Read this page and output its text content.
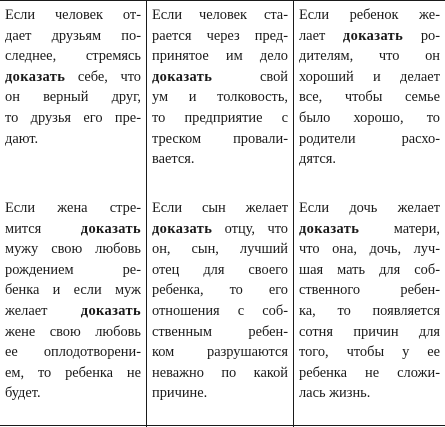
Если человек от-
дает друзьям по-
следнее, стремясь
доказать себе, что
он верный друг,
то друзья его пре-
дают.
Если человек ста-
рается через пред-
принятое им дело
доказать свой
ум и толковость,
то предприятие с
треском провали-
вается.
Если ребенок же-
лает доказать ро-
дителям, что он
хороший и делает
все, чтобы семье
было хорошо, то
родители расхо-
дятся.
Если жена стре-
мится доказать
мужу свою любовь
рождением ре-
бенка и если муж
желает доказать
жене свою любовь
ее оплодотворени-
ем, то ребенка не
будет.
Если сын желает
доказать отцу, что
он, сын, лучший
отец для своего
ребенка, то его
отношения с соб-
ственным ребен-
ком разрушаются
неважно по какой
причине.
Если дочь желает
доказать матери,
что она, дочь, луч-
шая мать для соб-
ственного ребен-
ка, то появляется
сотня причин для
того, чтобы у ее
ребенка не сложи-
лась жизнь.
